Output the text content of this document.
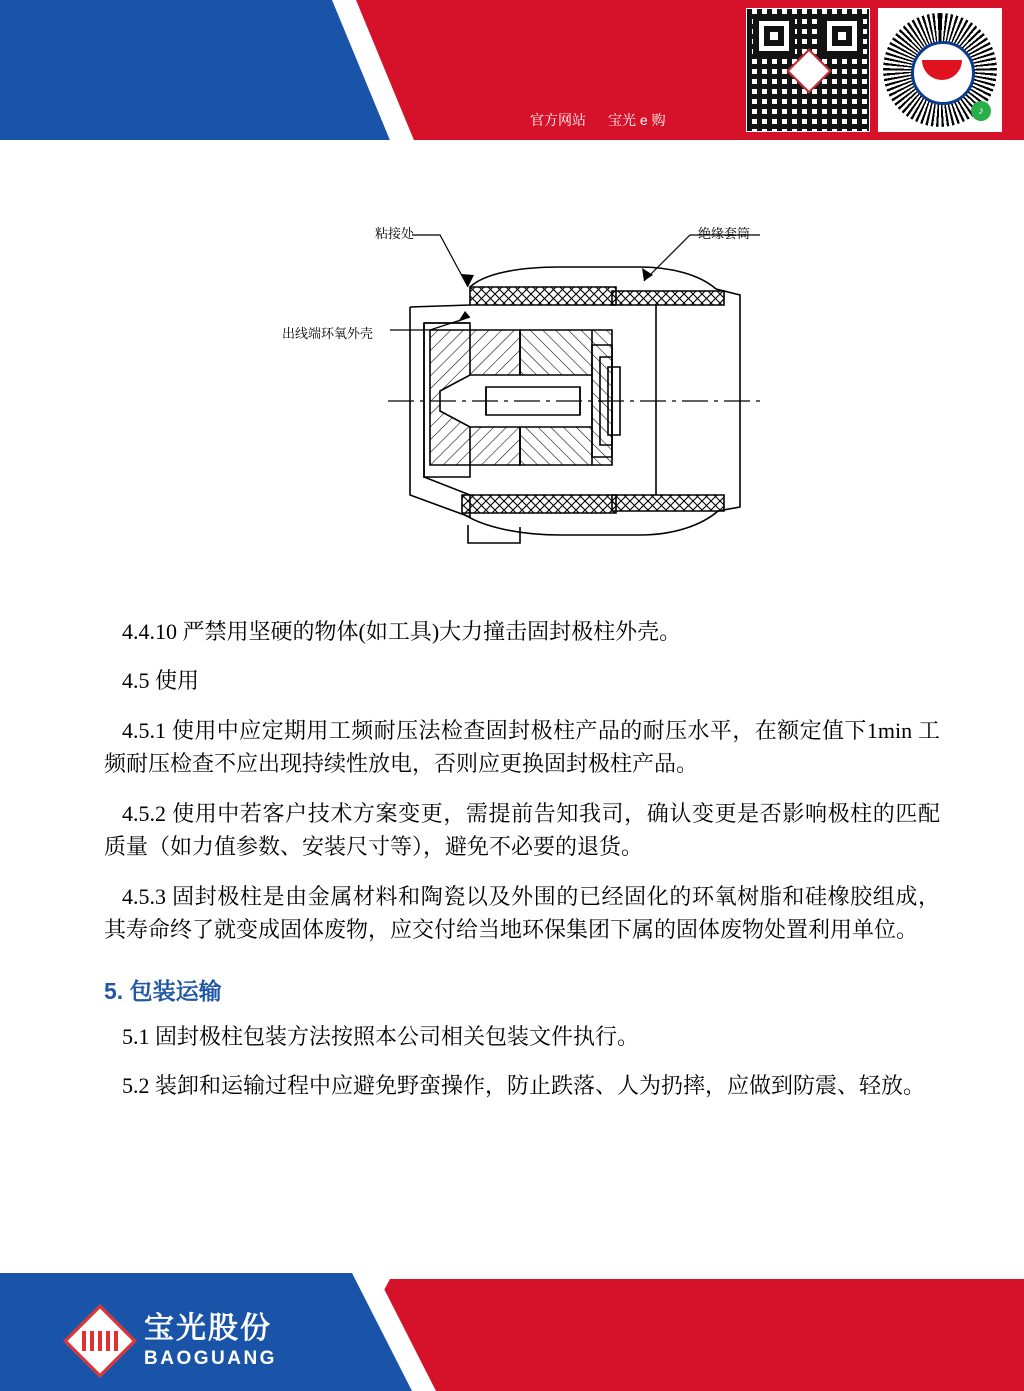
官方网站 宝光 e 购
♪
粘接处	绝缘套筒
出线端环氧外壳

4.4.10 严禁用坚硬的物体(如工具)大力撞击固封极柱外壳。

4.5 使用

4.5.1 使用中应定期用工频耐压法检查固封极柱产品的耐压水平，在额定值下1min 工频耐压检查不应出现持续性放电，否则应更换固封极柱产品。

4.5.2 使用中若客户技术方案变更，需提前告知我司，确认变更是否影响极柱的匹配质量（如力值参数、安装尺寸等），避免不必要的退货。

4.5.3 固封极柱是由金属材料和陶瓷以及外围的已经固化的环氧树脂和硅橡胶组成，其寿命终了就变成固体废物，应交付给当地环保集团下属的固体废物处置利用单位。

5. 包装运输

5.1 固封极柱包装方法按照本公司相关包装文件执行。

5.2 装卸和运输过程中应避免野蛮操作，防止跌落、人为扔摔，应做到防震、轻放。

宝光股份
BAOGUANG
